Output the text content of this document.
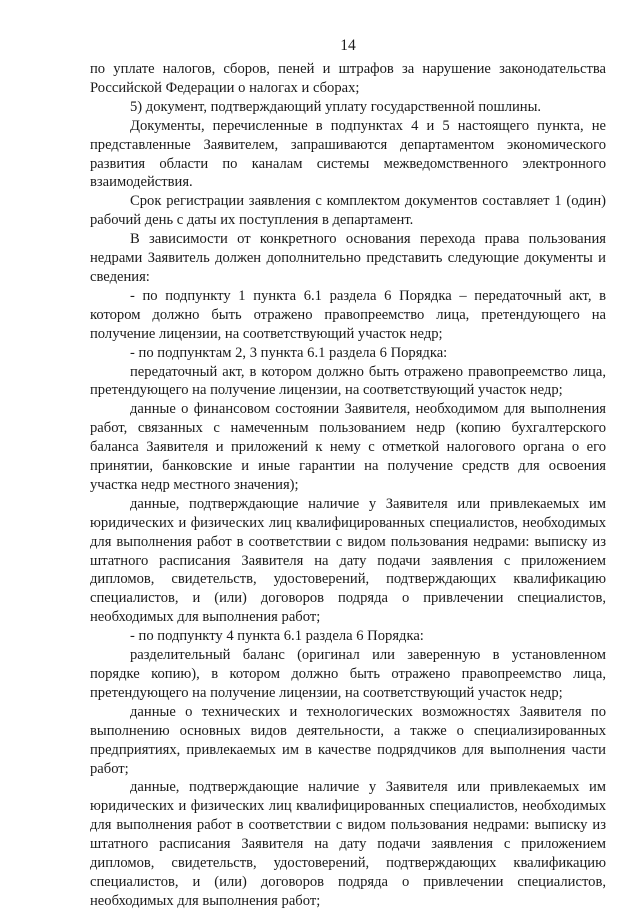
14

по уплате налогов, сборов, пеней и штрафов за нарушение законодательства Российской Федерации о налогах и сборах;

5) документ, подтверждающий уплату государственной пошлины.

Документы, перечисленные в подпунктах 4 и 5 настоящего пункта, не представленные Заявителем, запрашиваются департаментом экономического развития области по каналам системы межведомственного электронного взаимодействия.

Срок регистрации заявления с комплектом документов составляет 1 (один) рабочий день с даты их поступления в департамент.

В зависимости от конкретного основания перехода права пользования недрами Заявитель должен дополнительно представить следующие документы и сведения:

- по подпункту 1 пункта 6.1 раздела 6 Порядка – передаточный акт, в котором должно быть отражено правопреемство лица, претендующего на получение лицензии, на соответствующий участок недр;

- по подпунктам 2, 3 пункта 6.1 раздела 6 Порядка:

передаточный акт, в котором должно быть отражено правопреемство лица, претендующего на получение лицензии, на соответствующий участок недр;

данные о финансовом состоянии Заявителя, необходимом для выполнения работ, связанных с намеченным пользованием недр (копию бухгалтерского баланса Заявителя и приложений к нему с отметкой налогового органа о его принятии, банковские и иные гарантии на получение средств для освоения участка недр местного значения);

данные, подтверждающие наличие у Заявителя или привлекаемых им юридических и физических лиц квалифицированных специалистов, необходимых для выполнения работ в соответствии с видом пользования недрами: выписку из штатного расписания Заявителя на дату подачи заявления с приложением дипломов, свидетельств, удостоверений, подтверждающих квалификацию специалистов, и (или) договоров подряда о привлечении специалистов, необходимых для выполнения работ;

- по подпункту 4 пункта 6.1 раздела 6 Порядка:

разделительный баланс (оригинал или заверенную в установленном порядке копию), в котором должно быть отражено правопреемство лица, претендующего на получение лицензии, на соответствующий участок недр;

данные о технических и технологических возможностях Заявителя по выполнению основных видов деятельности, а также о специализированных предприятиях, привлекаемых им в качестве подрядчиков для выполнения части работ;

данные, подтверждающие наличие у Заявителя или привлекаемых им юридических и физических лиц квалифицированных специалистов, необходимых для выполнения работ в соответствии с видом пользования недрами: выписку из штатного расписания Заявителя на дату подачи заявления с приложением дипломов, свидетельств, удостоверений, подтверждающих квалификацию специалистов, и (или) договоров подряда о привлечении специалистов, необходимых для выполнения работ;
